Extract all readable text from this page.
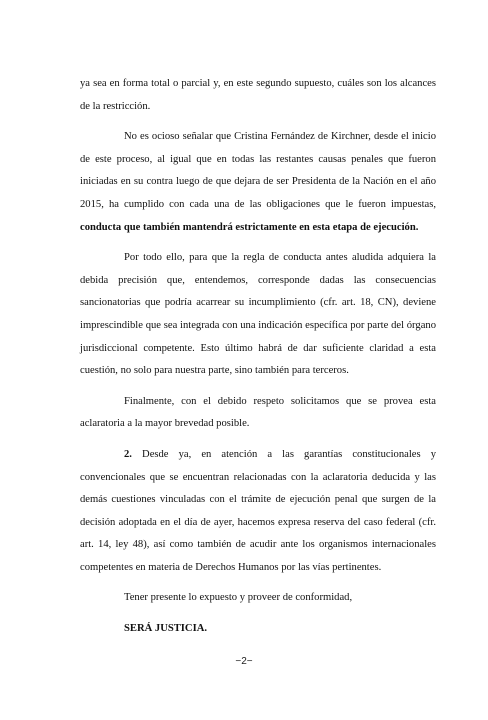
ya sea en forma total o parcial y, en este segundo supuesto, cuáles son los alcances de la restricción.

No es ocioso señalar que Cristina Fernández de Kirchner, desde el inicio de este proceso, al igual que en todas las restantes causas penales que fueron iniciadas en su contra luego de que dejara de ser Presidenta de la Nación en el año 2015, ha cumplido con cada una de las obligaciones que le fueron impuestas, conducta que también mantendrá estrictamente en esta etapa de ejecución.

Por todo ello, para que la regla de conducta antes aludida adquiera la debida precisión que, entendemos, corresponde dadas las consecuencias sancionatorias que podría acarrear su incumplimiento (cfr. art. 18, CN), deviene imprescindible que sea integrada con una indicación específica por parte del órgano jurisdiccional competente. Esto último habrá de dar suficiente claridad a esta cuestión, no solo para nuestra parte, sino también para terceros.

Finalmente, con el debido respeto solicitamos que se provea esta aclaratoria a la mayor brevedad posible.

2. Desde ya, en atención a las garantías constitucionales y convencionales que se encuentran relacionadas con la aclaratoria deducida y las demás cuestiones vinculadas con el trámite de ejecución penal que surgen de la decisión adoptada en el día de ayer, hacemos expresa reserva del caso federal (cfr. art. 14, ley 48), así como también de acudir ante los organismos internacionales competentes en materia de Derechos Humanos por las vías pertinentes.

Tener presente lo expuesto y proveer de conformidad,

SERÁ JUSTICIA.

−2−
